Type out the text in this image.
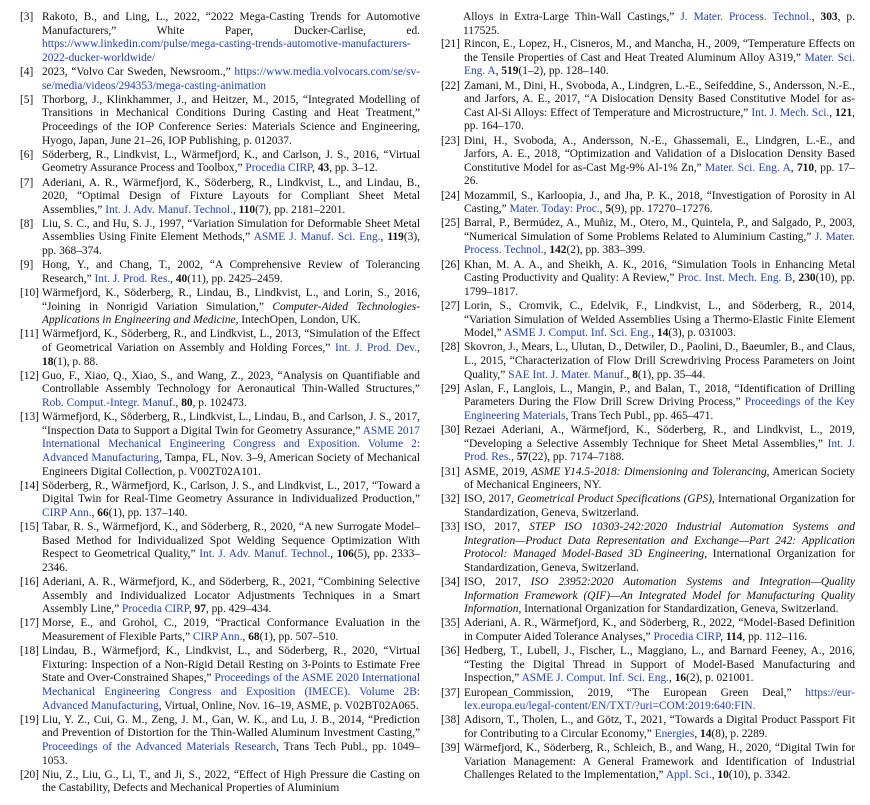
[3] Rakoto, B., and Ling, L., 2022, “2022 Mega-Casting Trends for Automotive Manufacturers,” White Paper, Ducker-Carlise, ed. https://www.linkedin.com/pulse/mega-casting-trends-automotive-manufacturers-2022-ducker-worldwide/
[4] 2023, “Volvo Car Sweden, Newsroom.,” https://www.media.volvocars.com/se/sv-se/media/videos/294353/mega-casting-animation
[5] Thorborg, J., Klinkhammer, J., and Heitzer, M., 2015, “Integrated Modelling of Transitions in Mechanical Conditions During Casting and Heat Treatment,” Proceedings of the IOP Conference Series: Materials Science and Engineering, Hyogo, Japan, June 21–26, IOP Publishing, p. 012037.
[6] Söderberg, R., Lindkvist, L., Wärmefjord, K., and Carlson, J. S., 2016, “Virtual Geometry Assurance Process and Toolbox,” Procedia CIRP, 43, pp. 3–12.
[7] Aderiani, A. R., Wärmefjord, K., Söderberg, R., Lindkvist, L., and Lindau, B., 2020, “Optimal Design of Fixture Layouts for Compliant Sheet Metal Assemblies,” Int. J. Adv. Manuf. Technol., 110(7), pp. 2181–2201.
[8] Liu, S. C., and Hu, S. J., 1997, “Variation Simulation for Deformable Sheet Metal Assemblies Using Finite Element Methods,” ASME J. Manuf. Sci. Eng., 119(3), pp. 368–374.
[9] Hong, Y., and Chang, T., 2002, “A Comprehensive Review of Tolerancing Research,” Int. J. Prod. Res., 40(11), pp. 2425–2459.
[10] Wärmefjord, K., Söderberg, R., Lindau, B., Lindkvist, L., and Lorin, S., 2016, “Joining in Nonrigid Variation Simulation,” Computer-Aided Technologies-Applications in Engineering and Medicine, IntechOpen, London, UK.
[11] Wärmefjord, K., Söderberg, R., and Lindkvist, L., 2013, “Simulation of the Effect of Geometrical Variation on Assembly and Holding Forces,” Int. J. Prod. Dev., 18(1), p. 88.
[12] Guo, F., Xiao, Q., Xiao, S., and Wang, Z., 2023, “Analysis on Quantifiable and Controllable Assembly Technology for Aeronautical Thin-Walled Structures,” Rob. Comput.-Integr. Manuf., 80, p. 102473.
[13] Wärmefjord, K., Söderberg, R., Lindkvist, L., Lindau, B., and Carlson, J. S., 2017, “Inspection Data to Support a Digital Twin for Geometry Assurance,” ASME 2017 International Mechanical Engineering Congress and Exposition. Volume 2: Advanced Manufacturing, Tampa, FL, Nov. 3–9, American Society of Mechanical Engineers Digital Collection, p. V002T02A101.
[14] Söderberg, R., Wärmefjord, K., Carlson, J. S., and Lindkvist, L., 2017, “Toward a Digital Twin for Real-Time Geometry Assurance in Individualized Production,” CIRP Ann., 66(1), pp. 137–140.
[15] Tabar, R. S., Wärmefjord, K., and Söderberg, R., 2020, “A new Surrogate Model–Based Method for Individualized Spot Welding Sequence Optimization With Respect to Geometrical Quality,” Int. J. Adv. Manuf. Technol., 106(5), pp. 2333–2346.
[16] Aderiani, A. R., Wärmefjord, K., and Söderberg, R., 2021, “Combining Selective Assembly and Individualized Locator Adjustments Techniques in a Smart Assembly Line,” Procedia CIRP, 97, pp. 429–434.
[17] Morse, E., and Grohol, C., 2019, “Practical Conformance Evaluation in the Measurement of Flexible Parts,” CIRP Ann., 68(1), pp. 507–510.
[18] Lindau, B., Wärmefjord, K., Lindkvist, L., and Söderberg, R., 2020, “Virtual Fixturing: Inspection of a Non-Rigid Detail Resting on 3-Points to Estimate Free State and Over-Constrained Shapes,” Proceedings of the ASME 2020 International Mechanical Engineering Congress and Exposition (IMECE). Volume 2B: Advanced Manufacturing, Virtual, Online, Nov. 16–19, ASME, p. V02BT02A065.
[19] Liu, Y. Z., Cui, G. M., Zeng, J. M., Gan, W. K., and Lu, J. B., 2014, “Prediction and Prevention of Distortion for the Thin-Walled Aluminum Investment Casting,” Proceedings of the Advanced Materials Research, Trans Tech Publ., pp. 1049–1053.
[20] Niu, Z., Liu, G., Li, T., and Ji, S., 2022, “Effect of High Pressure die Casting on the Castability, Defects and Mechanical Properties of Aluminium
Alloys in Extra-Large Thin-Wall Castings,” J. Mater. Process. Technol., 303, p. 117525.
[21] Rincon, E., Lopez, H., Cisneros, M., and Mancha, H., 2009, “Temperature Effects on the Tensile Properties of Cast and Heat Treated Aluminum Alloy A319,” Mater. Sci. Eng. A, 519(1–2), pp. 128–140.
[22] Zamani, M., Dini, H., Svoboda, A., Lindgren, L.-E., Seifeddine, S., Andersson, N.-E., and Jarfors, A. E., 2017, “A Dislocation Density Based Constitutive Model for as-Cast Al-Si Alloys: Effect of Temperature and Microstructure,” Int. J. Mech. Sci., 121, pp. 164–170.
[23] Dini, H., Svoboda, A., Andersson, N.-E., Ghassemali, E., Lindgren, L.-E., and Jarfors, A. E., 2018, “Optimization and Validation of a Dislocation Density Based Constitutive Model for as-Cast Mg-9% Al-1% Zn,” Mater. Sci. Eng. A, 710, pp. 17–26.
[24] Mozammil, S., Karloopia, J., and Jha, P. K., 2018, “Investigation of Porosity in Al Casting,” Mater. Today: Proc., 5(9), pp. 17270–17276.
[25] Barral, P., Bermúdez, A., Muñiz, M., Otero, M., Quintela, P., and Salgado, P., 2003, “Numerical Simulation of Some Problems Related to Aluminium Casting,” J. Mater. Process. Technol., 142(2), pp. 383–399.
[26] Khan, M. A. A., and Sheikh, A. K., 2016, “Simulation Tools in Enhancing Metal Casting Productivity and Quality: A Review,” Proc. Inst. Mech. Eng. B, 230(10), pp. 1799–1817.
[27] Lorin, S., Cromvik, C., Edelvik, F., Lindkvist, L., and Söderberg, R., 2014, “Variation Simulation of Welded Assemblies Using a Thermo-Elastic Finite Element Model,” ASME J. Comput. Inf. Sci. Eng., 14(3), p. 031003.
[28] Skovron, J., Mears, L., Ulutan, D., Detwiler, D., Paolini, D., Baeumler, B., and Claus, L., 2015, “Characterization of Flow Drill Screwdriving Process Parameters on Joint Quality,” SAE Int. J. Mater. Manuf., 8(1), pp. 35–44.
[29] Aslan, F., Langlois, L., Mangin, P., and Balan, T., 2018, “Identification of Drilling Parameters During the Flow Drill Screw Driving Process,” Proceedings of the Key Engineering Materials, Trans Tech Publ., pp. 465–471.
[30] Rezaei Aderiani, A., Wärmefjord, K., Söderberg, R., and Lindkvist, L., 2019, “Developing a Selective Assembly Technique for Sheet Metal Assemblies,” Int. J. Prod. Res., 57(22), pp. 7174–7188.
[31] ASME, 2019, ASME Y14.5-2018: Dimensioning and Tolerancing, American Society of Mechanical Engineers, NY.
[32] ISO, 2017, Geometrical Product Specifications (GPS), International Organization for Standardization, Geneva, Switzerland.
[33] ISO, 2017, STEP ISO 10303-242:2020 Industrial Automation Systems and Integration—Product Data Representation and Exchange—Part 242: Application Protocol: Managed Model-Based 3D Engineering, International Organization for Standardization, Geneva, Switzerland.
[34] ISO, 2017, ISO 23952:2020 Automation Systems and Integration—Quality Information Framework (QIF)—An Integrated Model for Manufacturing Quality Information, International Organization for Standardization, Geneva, Switzerland.
[35] Aderiani, A. R., Wärmefjord, K., and Söderberg, R., 2022, “Model-Based Definition in Computer Aided Tolerance Analyses,” Procedia CIRP, 114, pp. 112–116.
[36] Hedberg, T., Lubell, J., Fischer, L., Maggiano, L., and Barnard Feeney, A., 2016, “Testing the Digital Thread in Support of Model-Based Manufacturing and Inspection,” ASME J. Comput. Inf. Sci. Eng., 16(2), p. 021001.
[37] European_Commission, 2019, “The European Green Deal,” https://eur-lex.europa.eu/legal-content/EN/TXT/?uri=COM:2019:640:FIN.
[38] Adisorn, T., Tholen, L., and Götz, T., 2021, “Towards a Digital Product Passport Fit for Contributing to a Circular Economy,” Energies, 14(8), p. 2289.
[39] Wärmefjord, K., Söderberg, R., Schleich, B., and Wang, H., 2020, “Digital Twin for Variation Management: A General Framework and Identification of Industrial Challenges Related to the Implementation,” Appl. Sci., 10(10), p. 3342.
